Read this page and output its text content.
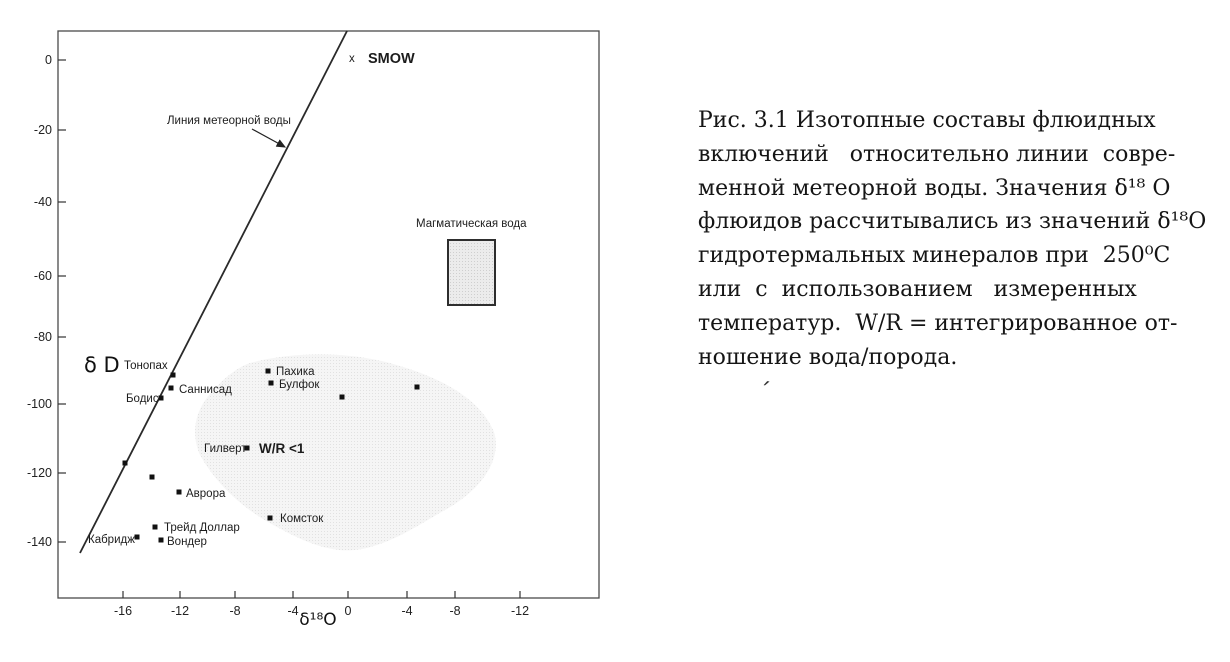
-16	-12	-8	-4	0	-4	-8	-12
0
-20
-40
-60
-80
-100
-120
-140
δ D
δ¹⁸O
Линия метеорной воды
x SMOW
Магматическая вода
W/R <1
Тонопах
Саннисад
Бодис
Пахика
Булфок
Гилверт
Аврора
Трейд Доллар
Комсток
Кабридж	Вондер
Рис. 3.1 Изотопные составы флюидных
включений   относительно линии  совре-
менной метеорной воды. Значения δ¹⁸ О
флюидов рассчитывались из значений δ¹⁸О
гидротермальных минералов при  250⁰С
или  с  использованием   измеренных
температур.  W/R = интегрированное от-
ношение вода/порода.
´
